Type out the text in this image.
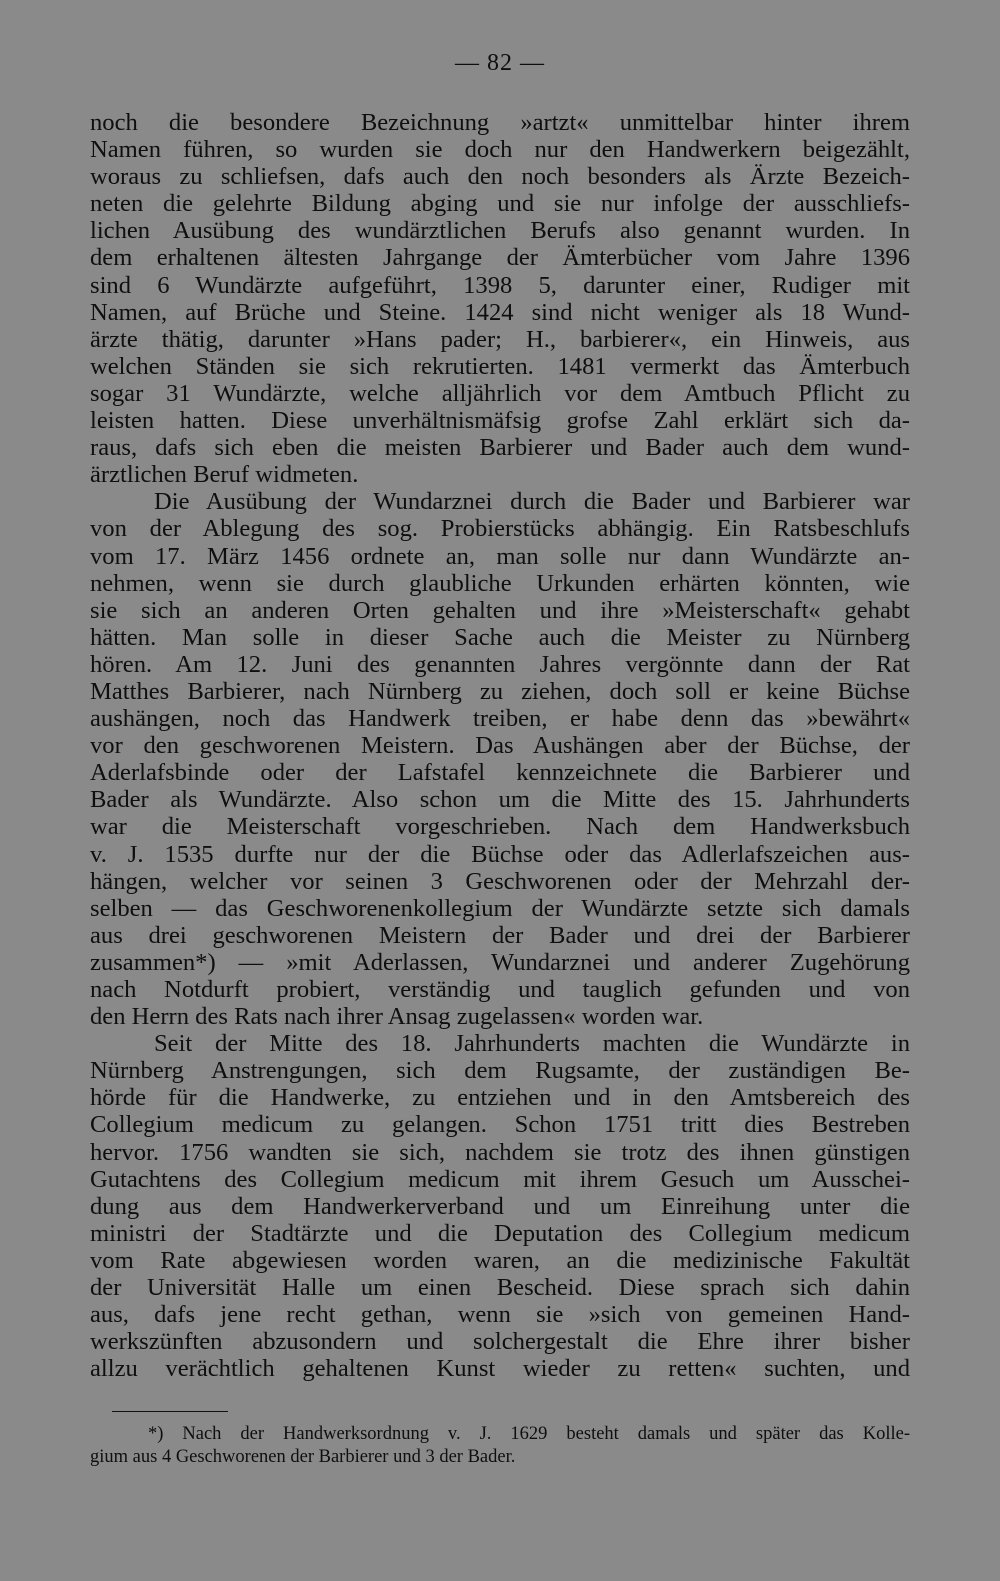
— 82 —
noch die besondere Bezeichnung »artzt« unmittelbar hinter ihrem
Namen führen, so wurden sie doch nur den Handwerkern beigezählt,
woraus zu schliefsen, dafs auch den noch besonders als Ärzte Bezeich-
neten die gelehrte Bildung abging und sie nur infolge der ausschliefs-
lichen Ausübung des wundärztlichen Berufs also genannt wurden. In
dem erhaltenen ältesten Jahrgange der Ämterbücher vom Jahre 1396
sind 6 Wundärzte aufgeführt, 1398 5, darunter einer, Rudiger mit
Namen, auf Brüche und Steine. 1424 sind nicht weniger als 18 Wund-
ärzte thätig, darunter »Hans pader; H., barbierer«, ein Hinweis, aus
welchen Ständen sie sich rekrutierten. 1481 vermerkt das Ämterbuch
sogar 31 Wundärzte, welche alljährlich vor dem Amtbuch Pflicht zu
leisten hatten. Diese unverhältnismäfsig grofse Zahl erklärt sich da-
raus, dafs sich eben die meisten Barbierer und Bader auch dem wund-
ärztlichen Beruf widmeten.
Die Ausübung der Wundarznei durch die Bader und Barbierer war
von der Ablegung des sog. Probierstücks abhängig. Ein Ratsbeschlufs
vom 17. März 1456 ordnete an, man solle nur dann Wundärzte an-
nehmen, wenn sie durch glaubliche Urkunden erhärten könnten, wie
sie sich an anderen Orten gehalten und ihre »Meisterschaft« gehabt
hätten. Man solle in dieser Sache auch die Meister zu Nürnberg
hören. Am 12. Juni des genannten Jahres vergönnte dann der Rat
Matthes Barbierer, nach Nürnberg zu ziehen, doch soll er keine Büchse
aushängen, noch das Handwerk treiben, er habe denn das »bewährt«
vor den geschworenen Meistern. Das Aushängen aber der Büchse, der
Aderlafsbinde oder der Lafstafel kennzeichnete die Barbierer und
Bader als Wundärzte. Also schon um die Mitte des 15. Jahrhunderts
war die Meisterschaft vorgeschrieben. Nach dem Handwerksbuch
v. J. 1535 durfte nur der die Büchse oder das Adlerlafszeichen aus-
hängen, welcher vor seinen 3 Geschworenen oder der Mehrzahl der-
selben — das Geschworenenkollegium der Wundärzte setzte sich damals
aus drei geschworenen Meistern der Bader und drei der Barbierer
zusammen*) — »mit Aderlassen, Wundarznei und anderer Zugehörung
nach Notdurft probiert, verständig und tauglich gefunden und von
den Herrn des Rats nach ihrer Ansag zugelassen« worden war.
Seit der Mitte des 18. Jahrhunderts machten die Wundärzte in
Nürnberg Anstrengungen, sich dem Rugsamte, der zuständigen Be-
hörde für die Handwerke, zu entziehen und in den Amtsbereich des
Collegium medicum zu gelangen. Schon 1751 tritt dies Bestreben
hervor. 1756 wandten sie sich, nachdem sie trotz des ihnen günstigen
Gutachtens des Collegium medicum mit ihrem Gesuch um Ausschei-
dung aus dem Handwerkerverband und um Einreihung unter die
ministri der Stadtärzte und die Deputation des Collegium medicum
vom Rate abgewiesen worden waren, an die medizinische Fakultät
der Universität Halle um einen Bescheid. Diese sprach sich dahin
aus, dafs jene recht gethan, wenn sie »sich von gemeinen Hand-
werkszünften abzusondern und solchergestalt die Ehre ihrer bisher
allzu verächtlich gehaltenen Kunst wieder zu retten« suchten, und
*) Nach der Handwerksordnung v. J. 1629 besteht damals und später das Kolle-
gium aus 4 Geschworenen der Barbierer und 3 der Bader.
